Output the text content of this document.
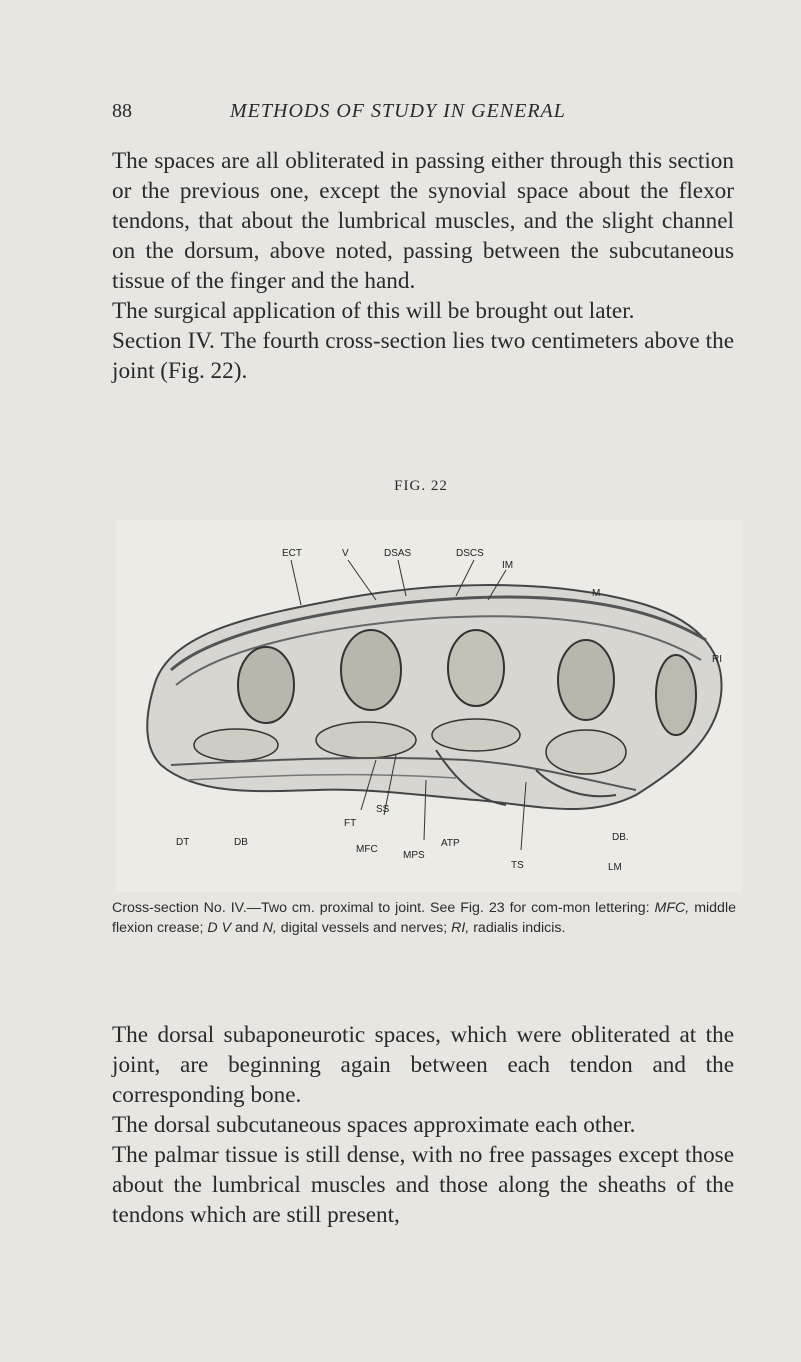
88	METHODS OF STUDY IN GENERAL

The spaces are all obliterated in passing either through this section or the previous one, except the synovial space about the flexor tendons, that about the lumbrical muscles, and the slight channel on the dorsum, above noted, passing between the subcutaneous tissue of the finger and the hand.

The surgical application of this will be brought out later.

Section IV. The fourth cross-section lies two centimeters above the joint (Fig. 22).

FIG. 22
ECT	V	DSAS	DSCS
IM
M
RI
SS
FT
DT	DB
MFC
ATP
MPS
TS
DB.
LM
Cross-section No. IV.—Two cm. proximal to joint. See Fig. 23 for com-mon lettering: MFC, middle flexion crease; D V and N, digital vessels and nerves; RI, radialis indicis.

The dorsal subaponeurotic spaces, which were obliterated at the joint, are beginning again between each tendon and the corresponding bone.

The dorsal subcutaneous spaces approximate each other.

The palmar tissue is still dense, with no free passages except those about the lumbrical muscles and those along the sheaths of the tendons which are still present,
